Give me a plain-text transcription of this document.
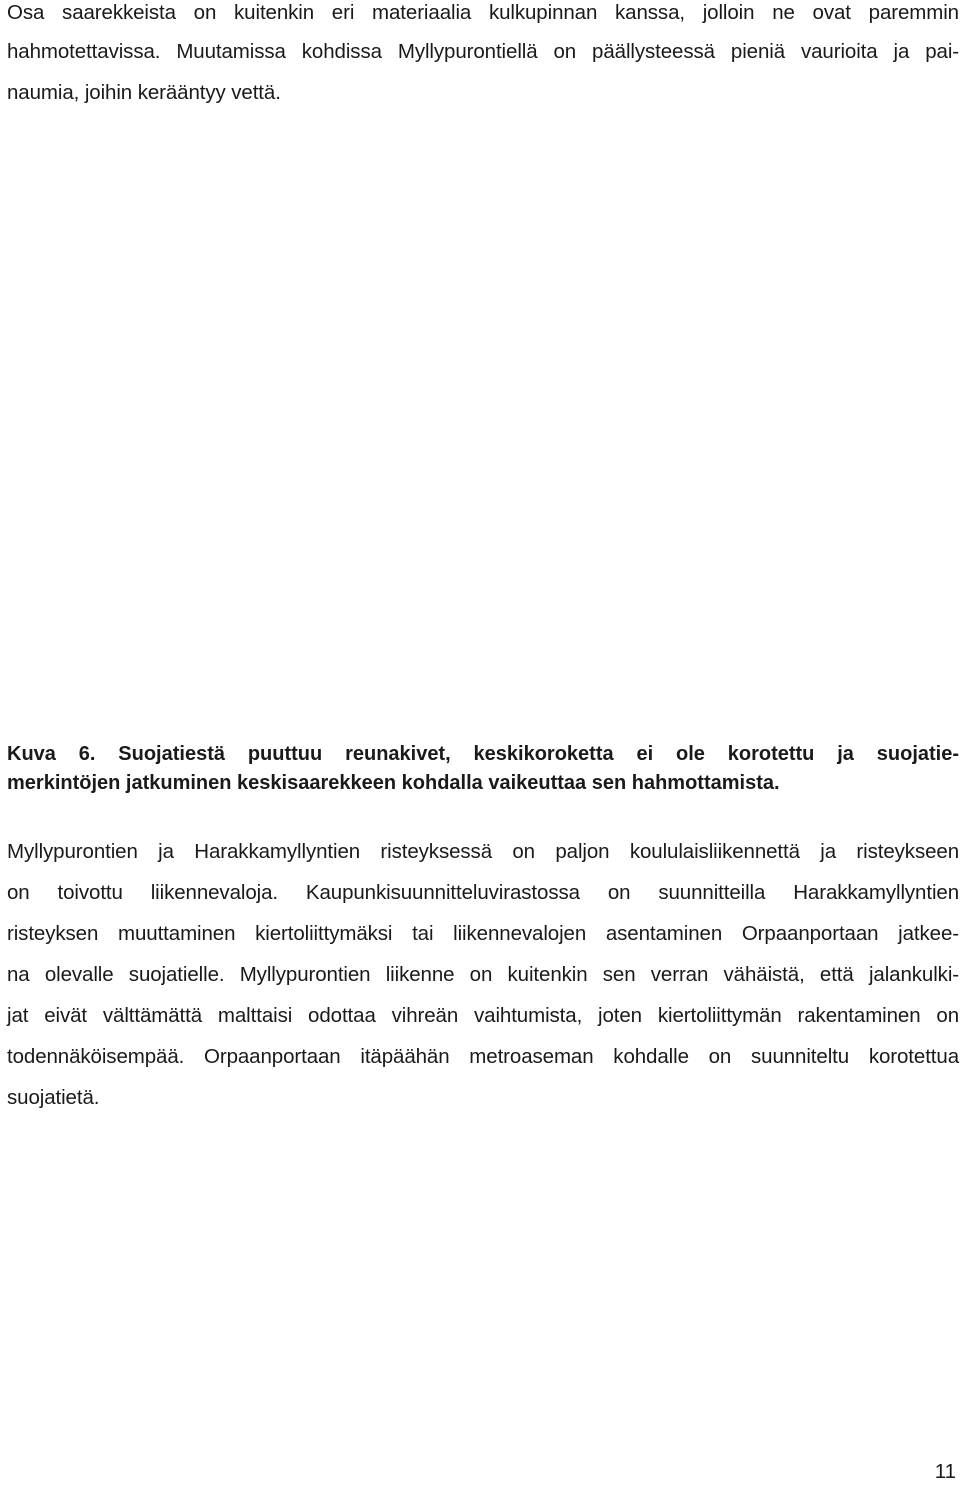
Osa saarekkeista on kuitenkin eri materiaalia kulkupinnan kanssa, jolloin ne ovat paremmin
hahmotettavissa. Muutamissa kohdissa Myllypurontiellä on päällysteessä pieniä vaurioita ja pai-
naumia, joihin kerääntyy vettä.
Kuva 6. Suojatiestä puuttuu reunakivet, keskikoroketta ei ole korotettu ja suojatie-
merkintöjen jatkuminen keskisaarekkeen kohdalla vaikeuttaa sen hahmottamista.
Myllypurontien ja Harakkamyllyntien risteyksessä on paljon koululaisliikennettä ja risteykseen
on toivottu liikennevaloja. Kaupunkisuunnitteluvirastossa on suunnitteilla Harakkamyllyntien
risteyksen muuttaminen kiertoliittymäksi tai liikennevalojen asentaminen Orpaanportaan jatkee-
na olevalle suojatielle. Myllypurontien liikenne on kuitenkin sen verran vähäistä, että jalankulki-
jat eivät välttämättä malttaisi odottaa vihreän vaihtumista, joten kiertoliittymän rakentaminen on
todennäköisempää. Orpaanportaan itäpäähän metroaseman kohdalle on suunniteltu korotettua
suojatietä.
11
